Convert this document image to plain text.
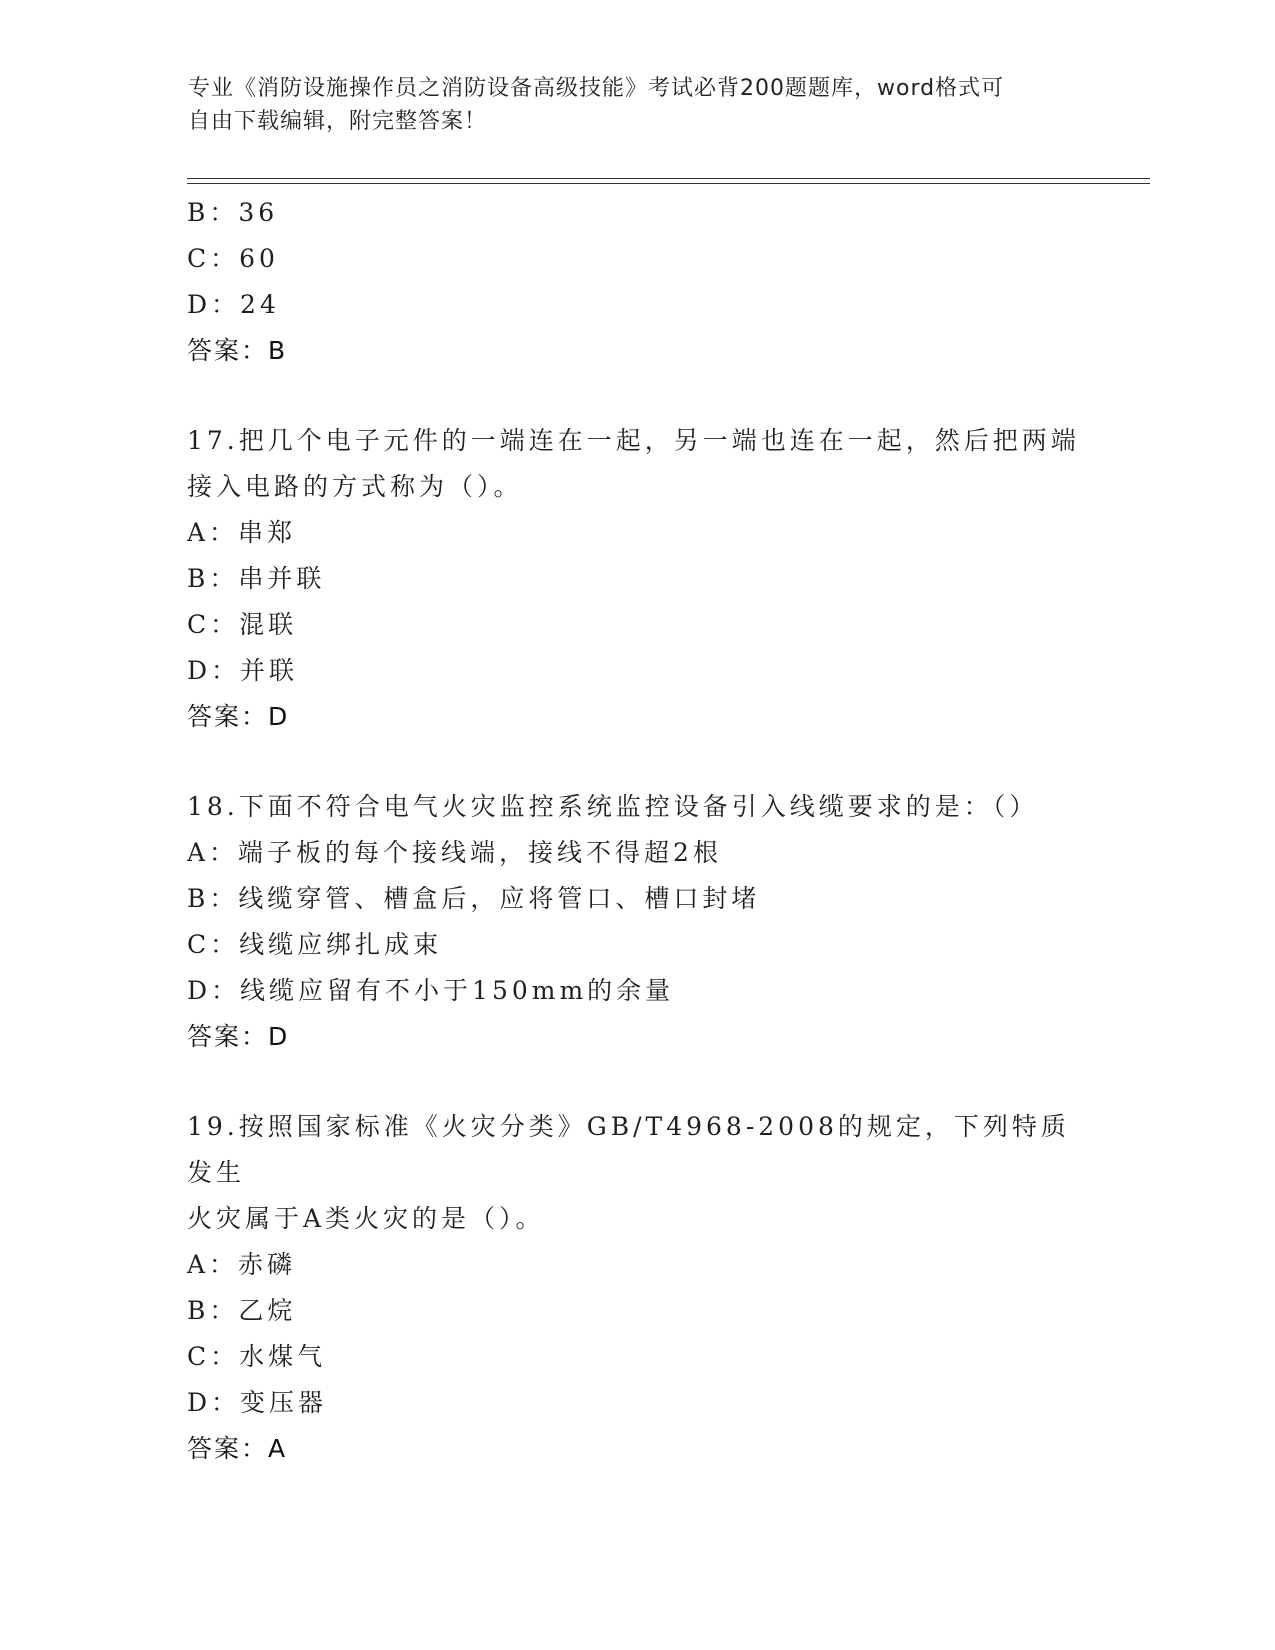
专业《消防设施操作员之消防设备高级技能》考试必背200题题库，word格式可
自由下载编辑，附完整答案！
B：36
C：60
D：24
答案：B
17.把几个电子元件的一端连在一起，另一端也连在一起，然后把两端
接入电路的方式称为（）。
A：串郑
B：串并联
C：混联
D：并联
答案：D
18.下面不符合电气火灾监控系统监控设备引入线缆要求的是：（）
A：端子板的每个接线端，接线不得超2根
B：线缆穿管、槽盒后，应将管口、槽口封堵
C：线缆应绑扎成束
D：线缆应留有不小于150mm的余量
答案：D
19.按照国家标准《火灾分类》GB/T4968-2008的规定，下列特质发生
火灾属于A类火灾的是（）。
A：赤磷
B：乙烷
C：水煤气
D：变压器
答案：A
